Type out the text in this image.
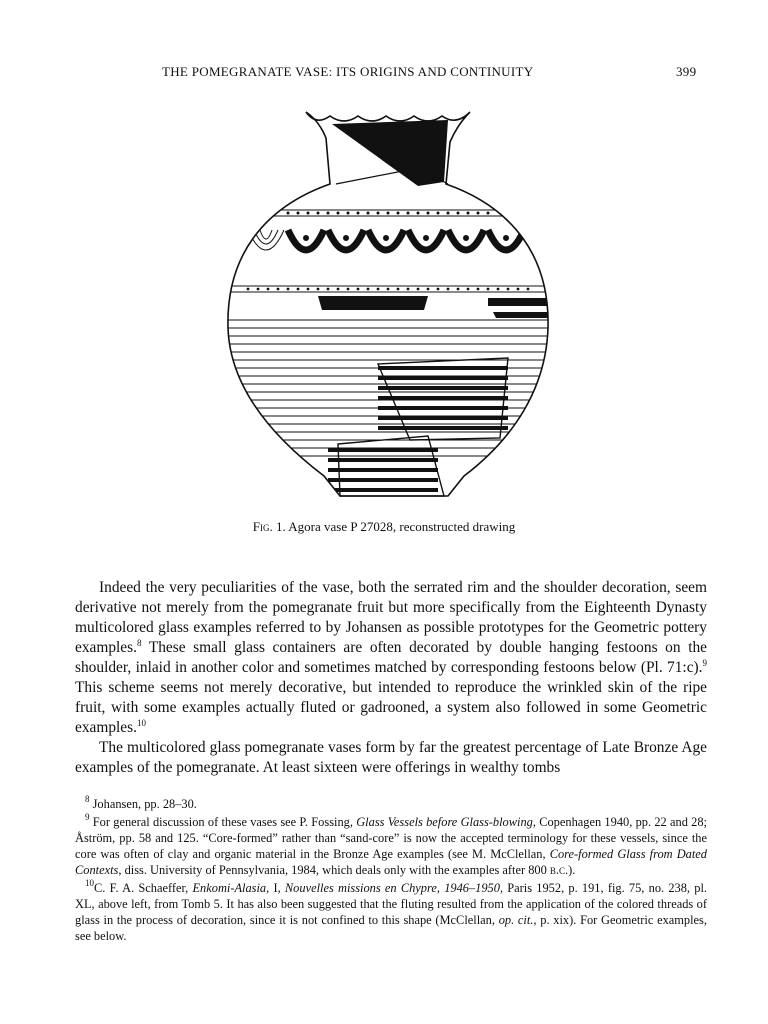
THE POMEGRANATE VASE: ITS ORIGINS AND CONTINUITY	399
Fig. 1. Agora vase P 27028, reconstructed drawing

Indeed the very peculiarities of the vase, both the serrated rim and the shoulder decoration, seem derivative not merely from the pomegranate fruit but more specifically from the Eighteenth Dynasty multicolored glass examples referred to by Johansen as possible prototypes for the Geometric pottery examples.$^8$ These small glass containers are often decorated by double hanging festoons on the shoulder, inlaid in another color and sometimes matched by corresponding festoons below (Pl. 71:c).$^9$ This scheme seems not merely decorative, but intended to reproduce the wrinkled skin of the ripe fruit, with some examples actually fluted or gadrooned, a system also followed in some Geometric examples.$^{10}$

The multicolored glass pomegranate vases form by far the greatest percentage of Late Bronze Age examples of the pomegranate. At least sixteen were offerings in wealthy tombs

$^8$ Johansen, pp. 28–30.

$^9$ For general discussion of these vases see P. Fossing, Glass Vessels before Glass-blowing, Copenhagen 1940, pp. 22 and 28; Åström, pp. 58 and 125. “Core-formed” rather than “sand-core” is now the accepted terminology for these vessels, since the core was often of clay and organic material in the Bronze Age examples (see M. McClellan, Core-formed Glass from Dated Contexts, diss. University of Pennsylvania, 1984, which deals only with the examples after 800 b.c.).

$^{10}$C. F. A. Schaeffer, Enkomi-Alasia, I, Nouvelles missions en Chypre, 1946–1950, Paris 1952, p. 191, fig. 75, no. 238, pl. XL, above left, from Tomb 5. It has also been suggested that the fluting resulted from the application of the colored threads of glass in the process of decoration, since it is not confined to this shape (McClellan, op. cit., p. xix). For Geometric examples, see below.
